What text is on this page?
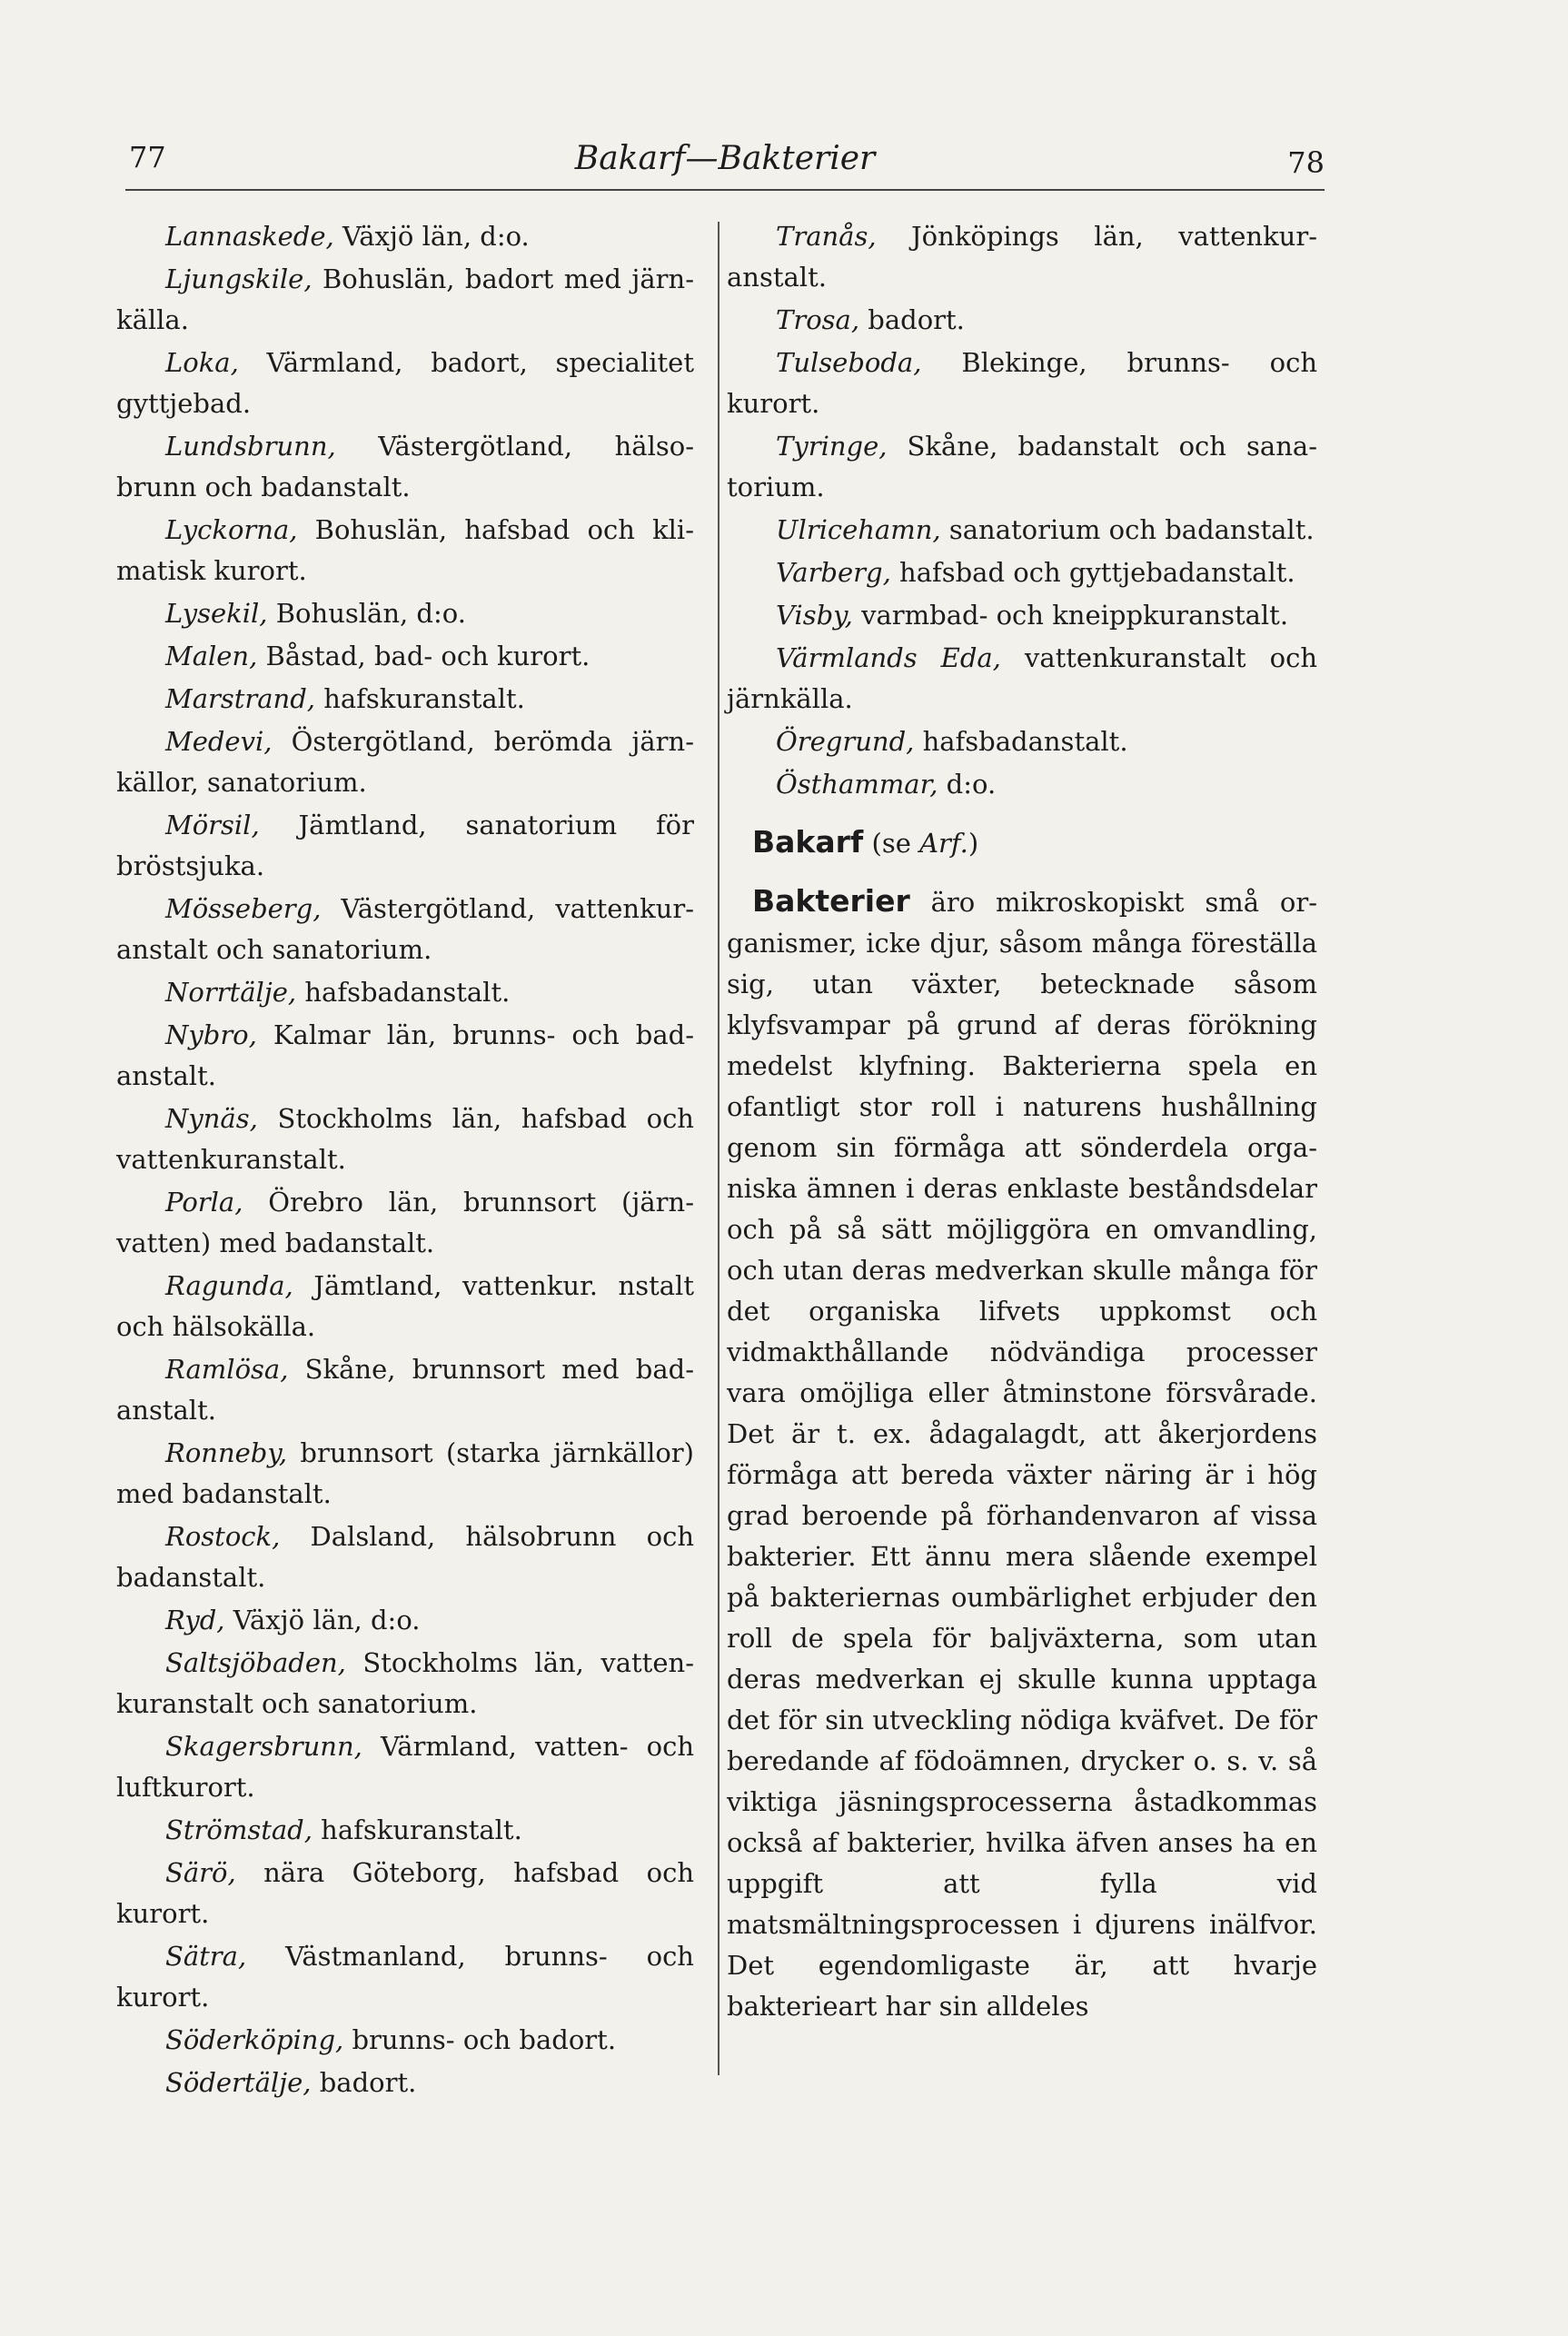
77	Bakarf—Bakterier	78

Lannaskede, Växjö län, d:o.

Ljungskile, Bohuslän, badort med järnkälla.

Loka, Värmland, badort, specialitet gyttjebad.

Lundsbrunn, Västergötland, hälsobrunn och badanstalt.

Lyckorna, Bohuslän, hafsbad och klimatisk kurort.

Lysekil, Bohuslän, d:o.

Malen, Båstad, bad- och kurort.

Marstrand, hafskuranstalt.

Medevi, Östergötland, berömda järnkällor, sanatorium.

Mörsil, Jämtland, sanatorium för bröstsjuka.

Mösseberg, Västergötland, vattenkuranstalt och sanatorium.

Norrtälje, hafsbadanstalt.

Nybro, Kalmar län, brunns- och badanstalt.

Nynäs, Stockholms län, hafsbad och vattenkuranstalt.

Porla, Örebro län, brunnsort (järnvatten) med badanstalt.

Ragunda, Jämtland, vattenkur. nstalt och hälsokälla.

Ramlösa, Skåne, brunnsort med badanstalt.

Ronneby, brunnsort (starka järnkällor) med badanstalt.

Rostock, Dalsland, hälsobrunn och badanstalt.

Ryd, Växjö län, d:o.

Saltsjöbaden, Stockholms län, vattenkuranstalt och sanatorium.

Skagersbrunn, Värmland, vatten- och luftkurort.

Strömstad, hafskuranstalt.

Särö, nära Göteborg, hafsbad och kurort.

Sätra, Västmanland, brunns- och kurort.

Söderköping, brunns- och badort.

Södertälje, badort.

Tranås, Jönköpings län, vattenkuranstalt.

Trosa, badort.

Tulseboda, Blekinge, brunns- och kurort.

Tyringe, Skåne, badanstalt och sanatorium.

Ulricehamn, sanatorium och badanstalt.

Varberg, hafsbad och gyttjebadanstalt.

Visby, varmbad- och kneippkuranstalt.

Värmlands Eda, vattenkuranstalt och järnkälla.

Öregrund, hafsbadanstalt.

Östhammar, d:o.

Bakarf (se Arf.)

Bakterier äro mikroskopiskt små organismer, icke djur, såsom många föreställa sig, utan växter, betecknade såsom klyfsvampar på grund af deras förökning medelst klyfning. Bakterierna spela en ofantligt stor roll i naturens hushållning genom sin förmåga att sönderdela organiska ämnen i deras enklaste beståndsdelar och på så sätt möjliggöra en omvandling, och utan deras medverkan skulle många för det organiska lifvets uppkomst och vidmakthållande nödvändiga processer vara omöjliga eller åtminstone försvårade. Det är t. ex. ådagalagdt, att åkerjordens förmåga att bereda växter näring är i hög grad beroende på förhandenvaron af vissa bakterier. Ett ännu mera slående exempel på bakteriernas oumbärlighet erbjuder den roll de spela för baljväxterna, som utan deras medverkan ej skulle kunna upptaga det för sin utveckling nödiga kväfvet. De för beredande af födoämnen, drycker o. s. v. så viktiga jäsningsprocesserna åstadkommas också af bakterier, hvilka äfven anses ha en uppgift att fylla vid matsmältningsprocessen i djurens inälfvor. Det egendomligaste är, att hvarje bakterieart har sin alldeles
